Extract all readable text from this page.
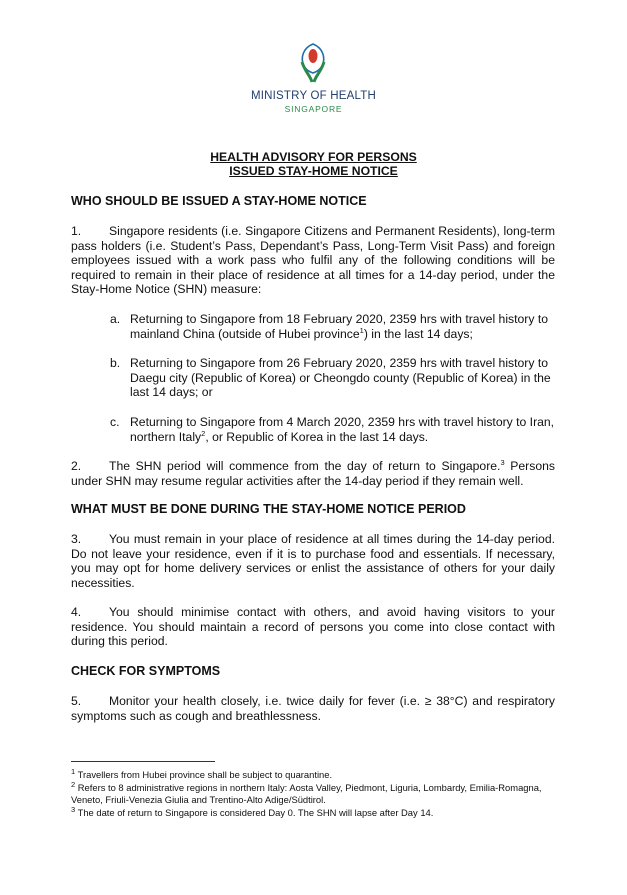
MINISTRY OF HEALTH
SINGAPORE
HEALTH ADVISORY FOR PERSONS
ISSUED STAY-HOME NOTICE
WHO SHOULD BE ISSUED A STAY-HOME NOTICE
1. Singapore residents (i.e. Singapore Citizens and Permanent Residents), long-term pass holders (i.e. Student’s Pass, Dependant’s Pass, Long-Term Visit Pass) and foreign employees issued with a work pass who fulfil any of the following conditions will be required to remain in their place of residence at all times for a 14-day period, under the Stay-Home Notice (SHN) measure:
a. Returning to Singapore from 18 February 2020, 2359 hrs with travel history to mainland China (outside of Hubei province$^1$) in the last 14 days;
b. Returning to Singapore from 26 February 2020, 2359 hrs with travel history to Daegu city (Republic of Korea) or Cheongdo county (Republic of Korea) in the last 14 days; or
c. Returning to Singapore from 4 March 2020, 2359 hrs with travel history to Iran, northern Italy$^2$, or Republic of Korea in the last 14 days.
2. The SHN period will commence from the day of return to Singapore.$^3$ Persons under SHN may resume regular activities after the 14-day period if they remain well.
WHAT MUST BE DONE DURING THE STAY-HOME NOTICE PERIOD
3. You must remain in your place of residence at all times during the 14-day period. Do not leave your residence, even if it is to purchase food and essentials. If necessary, you may opt for home delivery services or enlist the assistance of others for your daily necessities.
4. You should minimise contact with others, and avoid having visitors to your residence. You should maintain a record of persons you come into close contact with during this period.
CHECK FOR SYMPTOMS
5. Monitor your health closely, i.e. twice daily for fever (i.e. ≥ 38°C) and respiratory symptoms such as cough and breathlessness.
$^1$ Travellers from Hubei province shall be subject to quarantine.
$^2$ Refers to 8 administrative regions in northern Italy: Aosta Valley, Piedmont, Liguria, Lombardy, Emilia-Romagna, Veneto, Friuli-Venezia Giulia and Trentino-Alto Adige/Südtirol.
$^3$ The date of return to Singapore is considered Day 0. The SHN will lapse after Day 14.
